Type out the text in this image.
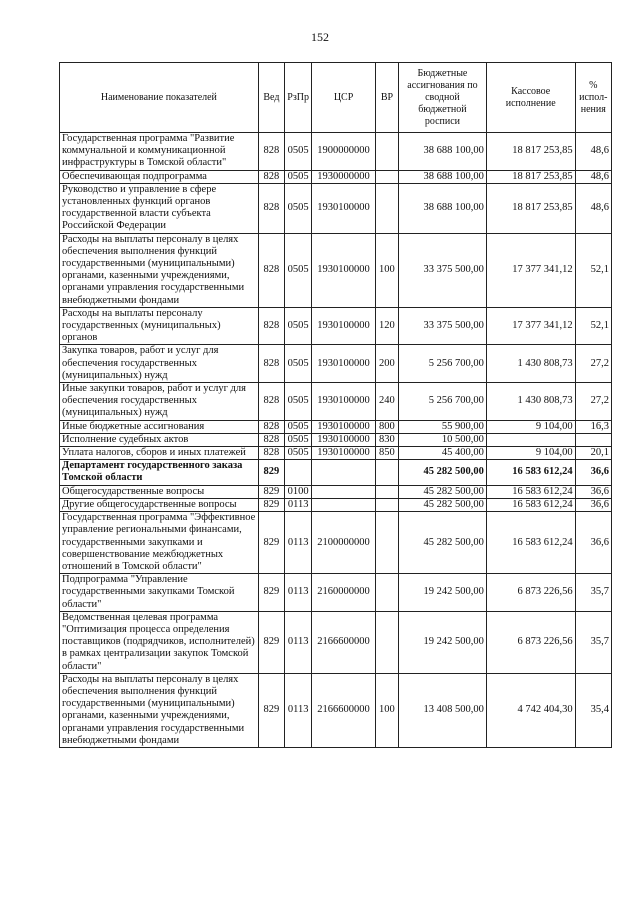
152
Наименование показателей	Вед	РзПр	ЦСР	ВР	Бюджетные ассигнования по сводной бюджетной росписи	Кассовое исполнение	% испол-нения
Государственная программа "Развитие коммунальной и коммуникационной инфраструктуры в Томской области"	828	0505	1900000000		38 688 100,00	18 817 253,85	48,6
Обеспечивающая подпрограмма	828	0505	1930000000		38 688 100,00	18 817 253,85	48,6
Руководство и управление в сфере установленных функций органов государственной власти субъекта Российской Федерации	828	0505	1930100000		38 688 100,00	18 817 253,85	48,6
Расходы на выплаты персоналу в целях обеспечения выполнения функций государственными (муниципальными) органами, казенными учреждениями, органами управления государственными внебюджетными фондами	828	0505	1930100000	100	33 375 500,00	17 377 341,12	52,1
Расходы на выплаты персоналу государственных (муниципальных) органов	828	0505	1930100000	120	33 375 500,00	17 377 341,12	52,1
Закупка товаров, работ и услуг для обеспечения государственных (муниципальных) нужд	828	0505	1930100000	200	5 256 700,00	1 430 808,73	27,2
Иные закупки товаров, работ и услуг для обеспечения государственных (муниципальных) нужд	828	0505	1930100000	240	5 256 700,00	1 430 808,73	27,2
Иные бюджетные ассигнования	828	0505	1930100000	800	55 900,00	9 104,00	16,3
Исполнение судебных актов	828	0505	1930100000	830	10 500,00		
Уплата налогов, сборов и иных платежей	828	0505	1930100000	850	45 400,00	9 104,00	20,1
Департамент государственного заказа Томской области	829				45 282 500,00	16 583 612,24	36,6
Общегосударственные вопросы	829	0100			45 282 500,00	16 583 612,24	36,6
Другие общегосударственные вопросы	829	0113			45 282 500,00	16 583 612,24	36,6
Государственная программа "Эффективное управление региональными финансами, государственными закупками и совершенствование межбюджетных отношений в Томской области"	829	0113	2100000000		45 282 500,00	16 583 612,24	36,6
Подпрограмма "Управление государственными закупками Томской области"	829	0113	2160000000		19 242 500,00	6 873 226,56	35,7
Ведомственная целевая программа "Оптимизация процесса определения поставщиков (подрядчиков, исполнителей) в рамках централизации закупок Томской области"	829	0113	2166600000		19 242 500,00	6 873 226,56	35,7
Расходы на выплаты персоналу в целях обеспечения выполнения функций государственными (муниципальными) органами, казенными учреждениями, органами управления государственными внебюджетными фондами	829	0113	2166600000	100	13 408 500,00	4 742 404,30	35,4
